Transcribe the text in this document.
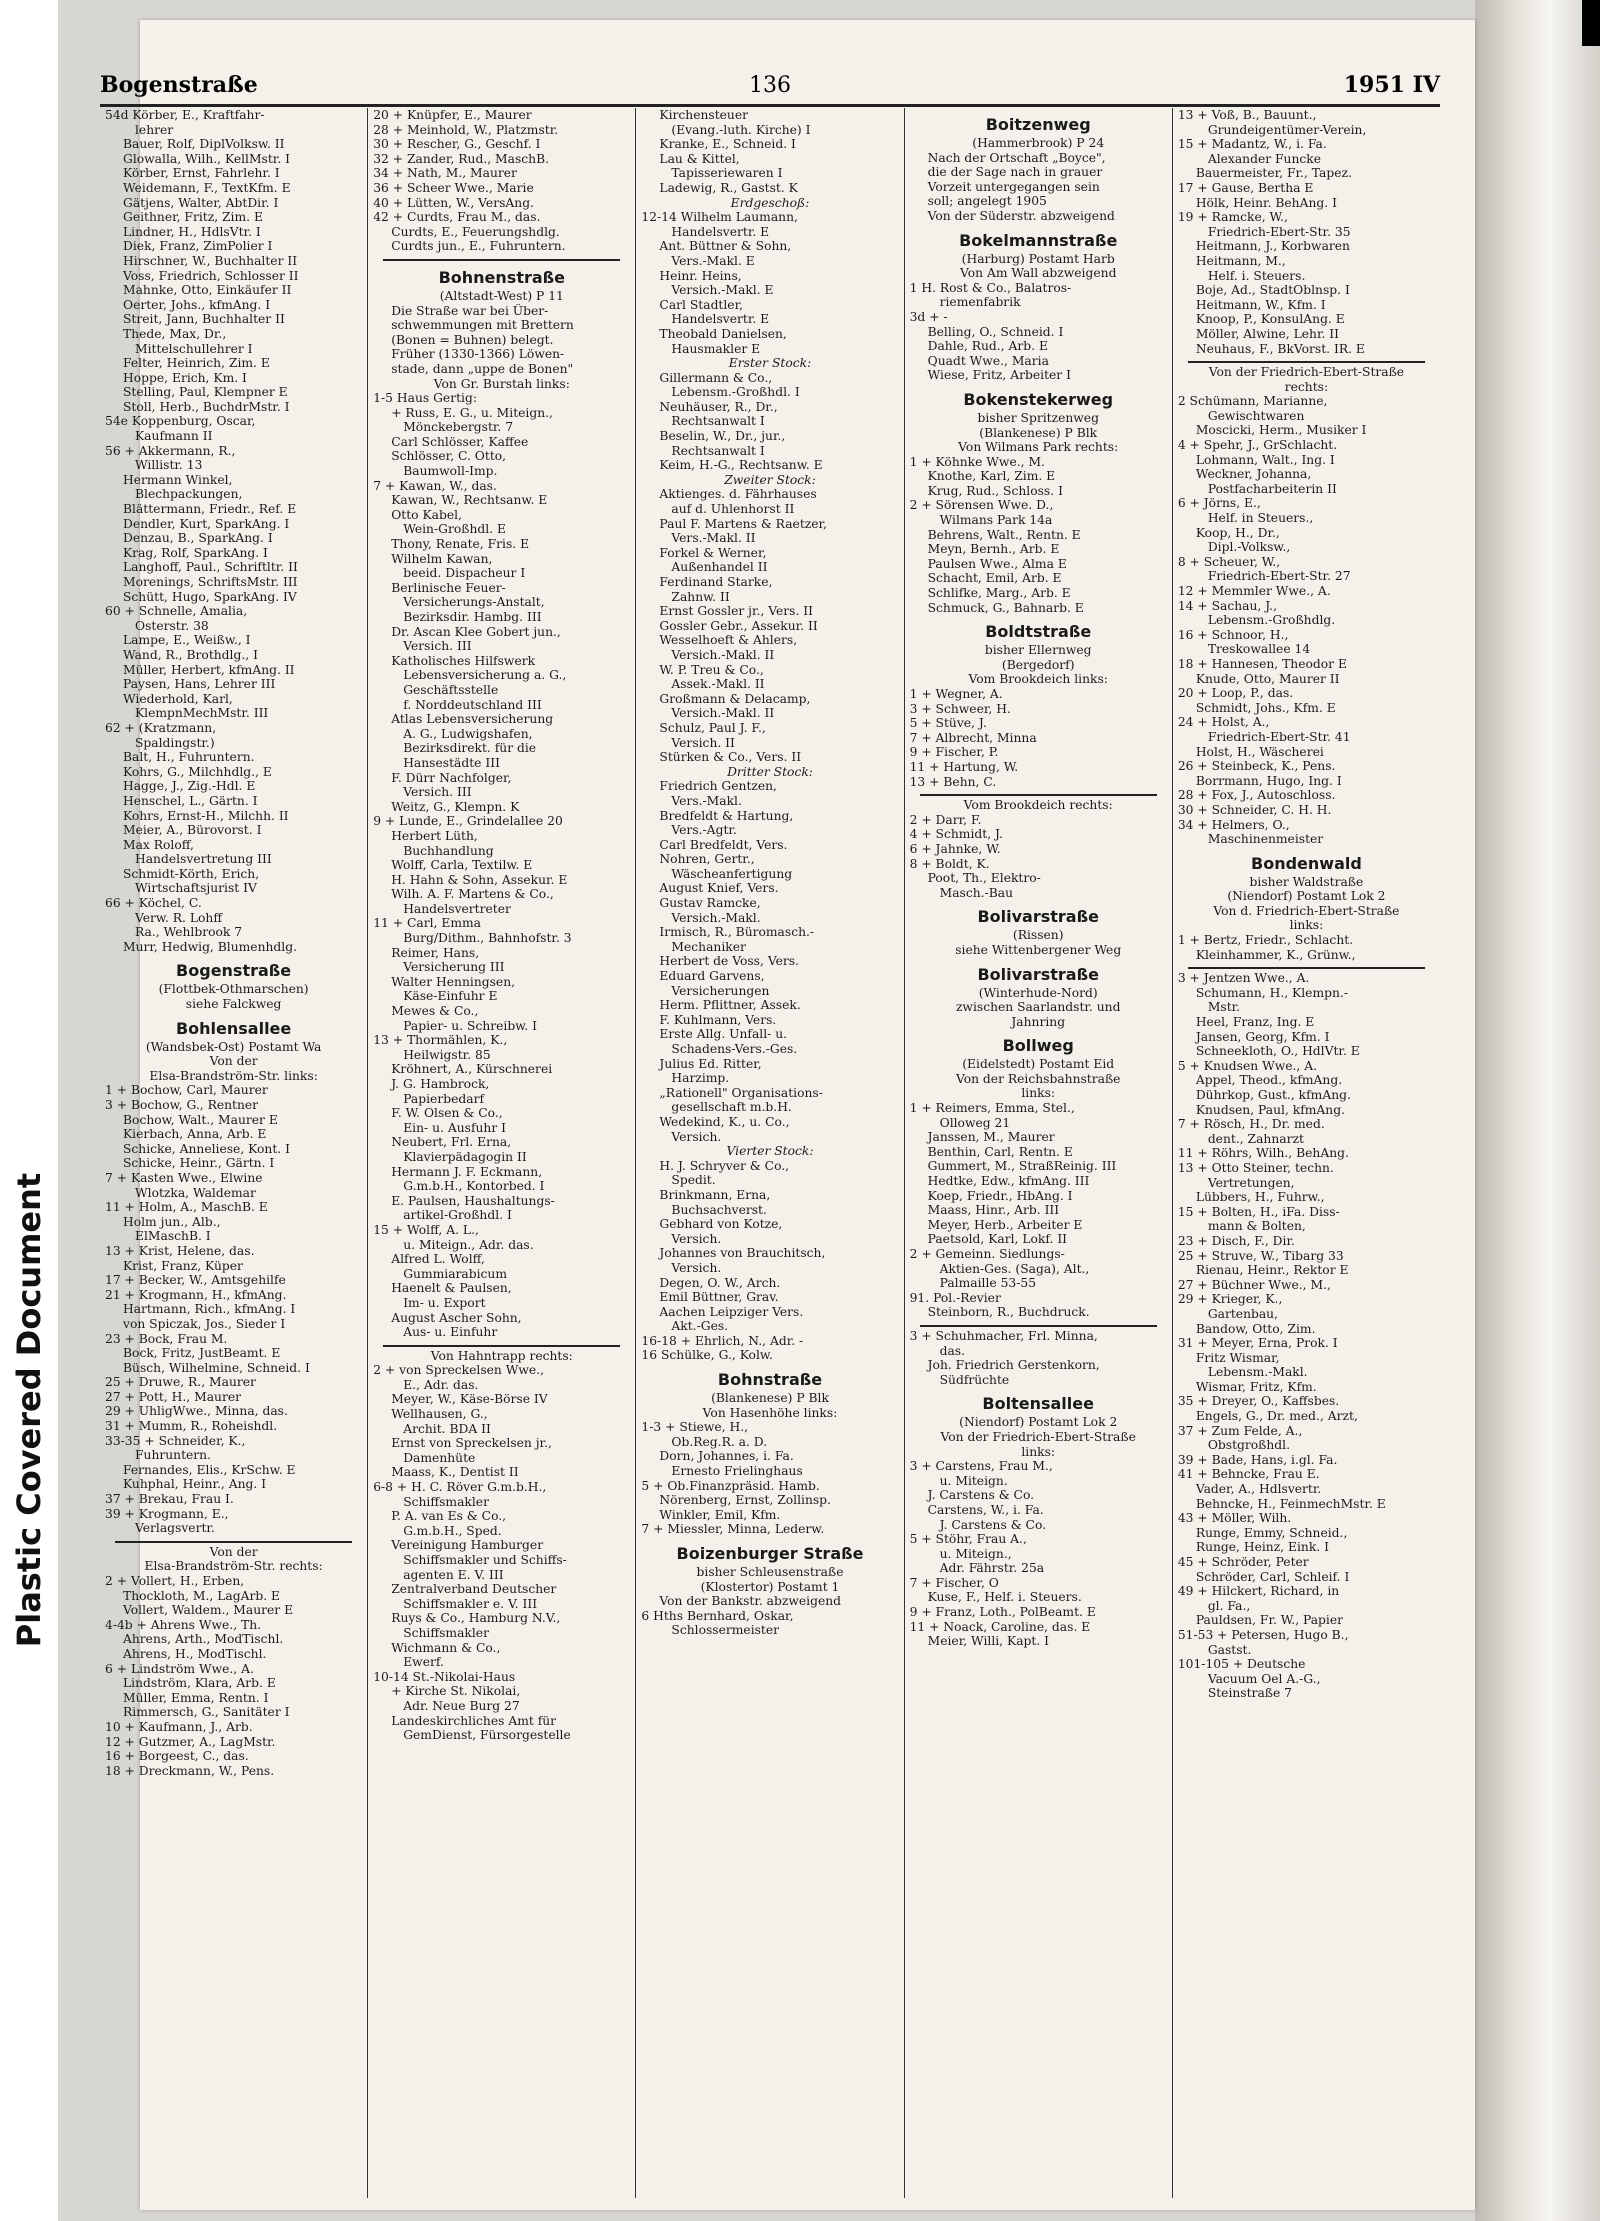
Plastic Covered Document
Bogenstraße	136	1951 IV
54d Körber, E., Kraftfahr-
lehrer
Bauer, Rolf, DiplVolksw. II
Glowalla, Wilh., KellMstr. I
Körber, Ernst, Fahrlehr. I
Weidemann, F., TextKfm. E
Gätjens, Walter, AbtDir. I
Geithner, Fritz, Zim. E
Lindner, H., HdlsVtr. I
Diek, Franz, ZimPolier I
Hirschner, W., Buchhalter II
Voss, Friedrich, Schlosser II
Mahnke, Otto, Einkäufer II
Oerter, Johs., kfmAng. I
Streit, Jann, Buchhalter II
Thede, Max, Dr.,
Mittelschullehrer I
Felter, Heinrich, Zim. E
Hoppe, Erich, Km. I
Stelling, Paul, Klempner E
Stoll, Herb., BuchdrMstr. I
54e Koppenburg, Oscar,
Kaufmann II
56 + Akkermann, R.,
Willistr. 13
Hermann Winkel,
Blechpackungen,
Blättermann, Friedr., Ref. E
Dendler, Kurt, SparkAng. I
Denzau, B., SparkAng. I
Krag, Rolf, SparkAng. I
Langhoff, Paul., Schriftltr. II
Morenings, SchriftsMstr. III
Schütt, Hugo, SparkAng. IV
60 + Schnelle, Amalia,
Osterstr. 38
Lampe, E., Weißw., I
Wand, R., Brothdlg., I
Müller, Herbert, kfmAng. II
Paysen, Hans, Lehrer III
Wiederhold, Karl,
KlempnMechMstr. III
62 + (Kratzmann,
Spaldingstr.)
Balt, H., Fuhruntern.
Kohrs, G., Milchhdlg., E
Hagge, J., Zig.-Hdl. E
Henschel, L., Gärtn. I
Kohrs, Ernst-H., Milchh. II
Meier, A., Bürovorst. I
Max Roloff,
Handelsvertretung III
Schmidt-Körth, Erich,
Wirtschaftsjurist IV
66 + Köchel, C.
Verw. R. Lohff
Ra., Wehlbrook 7
Murr, Hedwig, Blumenhdlg.
Bogenstraße
(Flottbek-Othmarschen)
siehe Falckweg
Bohlensallee
(Wandsbek-Ost) Postamt Wa
Von der
Elsa-Brandström-Str. links:
1 + Bochow, Carl, Maurer
3 + Bochow, G., Rentner
Bochow, Walt., Maurer E
Kierbach, Anna, Arb. E
Schicke, Anneliese, Kont. I
Schicke, Heinr., Gärtn. I
7 + Kasten Wwe., Elwine
Wlotzka, Waldemar
11 + Holm, A., MaschB. E
Holm jun., Alb.,
ElMaschB. I
13 + Krist, Helene, das.
Krist, Franz, Küper
17 + Becker, W., Amtsgehilfe
21 + Krogmann, H., kfmAng.
Hartmann, Rich., kfmAng. I
von Spiczak, Jos., Sieder I
23 + Bock, Frau M.
Bock, Fritz, JustBeamt. E
Büsch, Wilhelmine, Schneid. I
25 + Druwe, R., Maurer
27 + Pott, H., Maurer
29 + UhligWwe., Minna, das.
31 + Mumm, R., Roheishdl.
33-35 + Schneider, K.,
Fuhruntern.
Fernandes, Elis., KrSchw. E
Kuhphal, Heinr., Ang. I
37 + Brekau, Frau I.
39 + Krogmann, E.,
Verlagsvertr.
Von der
Elsa-Brandström-Str. rechts:
2 + Vollert, H., Erben,
Thockloth, M., LagArb. E
Vollert, Waldem., Maurer E
4-4b + Ahrens Wwe., Th.
Ahrens, Arth., ModTischl.
Ahrens, H., ModTischl.
6 + Lindström Wwe., A.
Lindström, Klara, Arb. E
Müller, Emma, Rentn. I
Rimmersch, G., Sanitäter I
10 + Kaufmann, J., Arb.
12 + Gutzmer, A., LagMstr.
16 + Borgeest, C., das.
18 + Dreckmann, W., Pens.
20 + Knüpfer, E., Maurer
28 + Meinhold, W., Platzmstr.
30 + Rescher, G., Geschf. I
32 + Zander, Rud., MaschB.
34 + Nath, M., Maurer
36 + Scheer Wwe., Marie
40 + Lütten, W., VersAng.
42 + Curdts, Frau M., das.
Curdts, E., Feuerungshdlg.
Curdts jun., E., Fuhruntern.
Bohnenstraße
(Altstadt-West) P 11
Die Straße war bei Über-
schwemmungen mit Brettern
(Bonen = Buhnen) belegt.
Früher (1330-1366) Löwen-
stade, dann „uppe de Bonen"
Von Gr. Burstah links:
1-5 Haus Gertig:
+ Russ, E. G., u. Miteign.,
Mönckebergstr. 7
Carl Schlösser, Kaffee
Schlösser, C. Otto,
Baumwoll-Imp.
7 + Kawan, W., das.
Kawan, W., Rechtsanw. E
Otto Kabel,
Wein-Großhdl. E
Thony, Renate, Fris. E
Wilhelm Kawan,
beeid. Dispacheur I
Berlinische Feuer-
Versicherungs-Anstalt,
Bezirksdir. Hambg. III
Dr. Ascan Klee Gobert jun.,
Versich. III
Katholisches Hilfswerk
Lebensversicherung a. G.,
Geschäftsstelle
f. Norddeutschland III
Atlas Lebensversicherung
A. G., Ludwigshafen,
Bezirksdirekt. für die
Hansestädte III
F. Dürr Nachfolger,
Versich. III
Weitz, G., Klempn. K
9 + Lunde, E., Grindelallee 20
Herbert Lüth,
Buchhandlung
Wolff, Carla, Textilw. E
H. Hahn & Sohn, Assekur. E
Wilh. A. F. Martens & Co.,
Handelsvertreter
11 + Carl, Emma
Burg/Dithm., Bahnhofstr. 3
Reimer, Hans,
Versicherung III
Walter Henningsen,
Käse-Einfuhr E
Mewes & Co.,
Papier- u. Schreibw. I
13 + Thormählen, K.,
Heilwigstr. 85
Kröhnert, A., Kürschnerei
J. G. Hambrock,
Papierbedarf
F. W. Olsen & Co.,
Ein- u. Ausfuhr I
Neubert, Frl. Erna,
Klavierpädagogin II
Hermann J. F. Eckmann,
G.m.b.H., Kontorbed. I
E. Paulsen, Haushaltungs-
artikel-Großhdl. I
15 + Wolff, A. L.,
u. Miteign., Adr. das.
Alfred L. Wolff,
Gummiarabicum
Haenelt & Paulsen,
Im- u. Export
August Ascher Sohn,
Aus- u. Einfuhr
Von Hahntrapp rechts:
2 + von Spreckelsen Wwe.,
E., Adr. das.
Meyer, W., Käse-Börse IV
Wellhausen, G.,
Archit. BDA II
Ernst von Spreckelsen jr.,
Damenhüte
Maass, K., Dentist II
6-8 + H. C. Röver G.m.b.H.,
Schiffsmakler
P. A. van Es & Co.,
G.m.b.H., Sped.
Vereinigung Hamburger
Schiffsmakler und Schiffs-
agenten E. V. III
Zentralverband Deutscher
Schiffsmakler e. V. III
Ruys & Co., Hamburg N.V.,
Schiffsmakler
Wichmann & Co.,
Ewerf.
10-14 St.-Nikolai-Haus
+ Kirche St. Nikolai,
Adr. Neue Burg 27
Landeskirchliches Amt für
GemDienst, Fürsorgestelle
Kirchensteuer
(Evang.-luth. Kirche) I
Kranke, E., Schneid. I
Lau & Kittel,
Tapisseriewaren I
Ladewig, R., Gastst. K
Erdgeschoß:
12-14 Wilhelm Laumann,
Handelsvertr. E
Ant. Büttner & Sohn,
Vers.-Makl. E
Heinr. Heins,
Versich.-Makl. E
Carl Stadtler,
Handelsvertr. E
Theobald Danielsen,
Hausmakler E
Erster Stock:
Gillermann & Co.,
Lebensm.-Großhdl. I
Neuhäuser, R., Dr.,
Rechtsanwalt I
Beselin, W., Dr., jur.,
Rechtsanwalt I
Keim, H.-G., Rechtsanw. E
Zweiter Stock:
Aktienges. d. Fährhauses
auf d. Uhlenhorst II
Paul F. Martens & Raetzer,
Vers.-Makl. II
Forkel & Werner,
Außenhandel II
Ferdinand Starke,
Zahnw. II
Ernst Gossler jr., Vers. II
Gossler Gebr., Assekur. II
Wesselhoeft & Ahlers,
Versich.-Makl. II
W. P. Treu & Co.,
Assek.-Makl. II
Großmann & Delacamp,
Versich.-Makl. II
Schulz, Paul J. F.,
Versich. II
Stürken & Co., Vers. II
Dritter Stock:
Friedrich Gentzen,
Vers.-Makl.
Bredfeldt & Hartung,
Vers.-Agtr.
Carl Bredfeldt, Vers.
Nohren, Gertr.,
Wäscheanfertigung
August Knief, Vers.
Gustav Ramcke,
Versich.-Makl.
Irmisch, R., Büromasch.-
Mechaniker
Herbert de Voss, Vers.
Eduard Garvens,
Versicherungen
Herm. Pflittner, Assek.
F. Kuhlmann, Vers.
Erste Allg. Unfall- u.
Schadens-Vers.-Ges.
Julius Ed. Ritter,
Harzimp.
„Rationell" Organisations-
gesellschaft m.b.H.
Wedekind, K., u. Co.,
Versich.
Vierter Stock:
H. J. Schryver & Co.,
Spedit.
Brinkmann, Erna,
Buchsachverst.
Gebhard von Kotze,
Versich.
Johannes von Brauchitsch,
Versich.
Degen, O. W., Arch.
Emil Büttner, Grav.
Aachen Leipziger Vers.
Akt.-Ges.
16-18 + Ehrlich, N., Adr. -
16 Schülke, G., Kolw.
Bohnstraße
(Blankenese) P Blk
Von Hasenhöhe links:
1-3 + Stiewe, H.,
Ob.Reg.R. a. D.
Dorn, Johannes, i. Fa.
Ernesto Frielinghaus
5 + Ob.Finanzpräsid. Hamb.
Nörenberg, Ernst, Zollinsp.
Winkler, Emil, Kfm.
7 + Miessler, Minna, Lederw.
Boizenburger Straße
bisher Schleusenstraße
(Klostertor) Postamt 1
Von der Bankstr. abzweigend
6 Hths Bernhard, Oskar,
Schlossermeister
Boitzenweg
(Hammerbrook) P 24
Nach der Ortschaft „Boyce",
die der Sage nach in grauer
Vorzeit untergegangen sein
soll; angelegt 1905
Von der Süderstr. abzweigend
Bokelmannstraße
(Harburg) Postamt Harb
Von Am Wall abzweigend
1 H. Rost & Co., Balatros-
riemenfabrik
3d + -
Belling, O., Schneid. I
Dahle, Rud., Arb. E
Quadt Wwe., Maria
Wiese, Fritz, Arbeiter I
Bokenstekerweg
bisher Spritzenweg
(Blankenese) P Blk
Von Wilmans Park rechts:
1 + Köhnke Wwe., M.
Knothe, Karl, Zim. E
Krug, Rud., Schloss. I
2 + Sörensen Wwe. D.,
Wilmans Park 14a
Behrens, Walt., Rentn. E
Meyn, Bernh., Arb. E
Paulsen Wwe., Alma E
Schacht, Emil, Arb. E
Schlifke, Marg., Arb. E
Schmuck, G., Bahnarb. E
Boldtstraße
bisher Ellernweg
(Bergedorf)
Vom Brookdeich links:
1 + Wegner, A.
3 + Schweer, H.
5 + Stüve, J.
7 + Albrecht, Minna
9 + Fischer, P.
11 + Hartung, W.
13 + Behn, C.
Vom Brookdeich rechts:
2 + Darr, F.
4 + Schmidt, J.
6 + Jahnke, W.
8 + Boldt, K.
Poot, Th., Elektro-
Masch.-Bau
Bolivarstraße
(Rissen)
siehe Wittenbergener Weg
Bolivarstraße
(Winterhude-Nord)
zwischen Saarlandstr. und
Jahnring
Bollweg
(Eidelstedt) Postamt Eid
Von der Reichsbahnstraße
links:
1 + Reimers, Emma, Stel.,
Olloweg 21
Janssen, M., Maurer
Benthin, Carl, Rentn. E
Gummert, M., StraßReinig. III
Hedtke, Edw., kfmAng. III
Koep, Friedr., HbAng. I
Maass, Hinr., Arb. III
Meyer, Herb., Arbeiter E
Paetsold, Karl, Lokf. II
2 + Gemeinn. Siedlungs-
Aktien-Ges. (Saga), Alt.,
Palmaille 53-55
91. Pol.-Revier
Steinborn, R., Buchdruck.
3 + Schuhmacher, Frl. Minna,
das.
Joh. Friedrich Gerstenkorn,
Südfrüchte
Boltensallee
(Niendorf) Postamt Lok 2
Von der Friedrich-Ebert-Straße
links:
3 + Carstens, Frau M.,
u. Miteign.
J. Carstens & Co.
Carstens, W., i. Fa.
J. Carstens & Co.
5 + Stöhr, Frau A.,
u. Miteign.,
Adr. Fährstr. 25a
7 + Fischer, O
Kuse, F., Helf. i. Steuers.
9 + Franz, Loth., PolBeamt. E
11 + Noack, Caroline, das. E
Meier, Willi, Kapt. I
13 + Voß, B., Bauunt.,
Grundeigentümer-Verein,
15 + Madantz, W., i. Fa.
Alexander Funcke
Bauermeister, Fr., Tapez.
17 + Gause, Bertha E
Hölk, Heinr. BehAng. I
19 + Ramcke, W.,
Friedrich-Ebert-Str. 35
Heitmann, J., Korbwaren
Heitmann, M.,
Helf. i. Steuers.
Boje, Ad., StadtOblnsp. I
Heitmann, W., Kfm. I
Knoop, P., KonsulAng. E
Möller, Alwine, Lehr. II
Neuhaus, F., BkVorst. IR. E
Von der Friedrich-Ebert-Straße
rechts:
2 Schümann, Marianne,
Gewischtwaren
Moscicki, Herm., Musiker I
4 + Spehr, J., GrSchlacht.
Lohmann, Walt., Ing. I
Weckner, Johanna,
Postfacharbeiterin II
6 + Jörns, E.,
Helf. in Steuers.,
Koop, H., Dr.,
Dipl.-Volksw.,
8 + Scheuer, W.,
Friedrich-Ebert-Str. 27
12 + Memmler Wwe., A.
14 + Sachau, J.,
Lebensm.-Großhdlg.
16 + Schnoor, H.,
Treskowallee 14
18 + Hannesen, Theodor E
Knude, Otto, Maurer II
20 + Loop, P., das.
Schmidt, Johs., Kfm. E
24 + Holst, A.,
Friedrich-Ebert-Str. 41
Holst, H., Wäscherei
26 + Steinbeck, K., Pens.
Borrmann, Hugo, Ing. I
28 + Fox, J., Autoschloss.
30 + Schneider, C. H. H.
34 + Helmers, O.,
Maschinenmeister
Bondenwald
bisher Waldstraße
(Niendorf) Postamt Lok 2
Von d. Friedrich-Ebert-Straße
links:
1 + Bertz, Friedr., Schlacht.
Kleinhammer, K., Grünw.,
3 + Jentzen Wwe., A.
Schumann, H., Klempn.-
Mstr.
Heel, Franz, Ing. E
Jansen, Georg, Kfm. I
Schneekloth, O., HdlVtr. E
5 + Knudsen Wwe., A.
Appel, Theod., kfmAng.
Dührkop, Gust., kfmAng.
Knudsen, Paul, kfmAng.
7 + Rösch, H., Dr. med.
dent., Zahnarzt
11 + Röhrs, Wilh., BehAng.
13 + Otto Steiner, techn.
Vertretungen,
Lübbers, H., Fuhrw.,
15 + Bolten, H., iFa. Diss-
mann & Bolten,
23 + Disch, F., Dir.
25 + Struve, W., Tibarg 33
Rienau, Heinr., Rektor E
27 + Büchner Wwe., M.,
29 + Krieger, K.,
Gartenbau,
Bandow, Otto, Zim.
31 + Meyer, Erna, Prok. I
Fritz Wismar,
Lebensm.-Makl.
Wismar, Fritz, Kfm.
35 + Dreyer, O., Kaffsbes.
Engels, G., Dr. med., Arzt,
37 + Zum Felde, A.,
Obstgroßhdl.
39 + Bade, Hans, i.gl. Fa.
41 + Behncke, Frau E.
Vader, A., Hdlsvertr.
Behncke, H., FeinmechMstr. E
43 + Möller, Wilh.
Runge, Emmy, Schneid.,
Runge, Heinz, Eink. I
45 + Schröder, Peter
Schröder, Carl, Schleif. I
49 + Hilckert, Richard, in
gl. Fa.,
Pauldsen, Fr. W., Papier
51-53 + Petersen, Hugo B.,
Gastst.
101-105 + Deutsche
Vacuum Oel A.-G.,
Steinstraße 7
